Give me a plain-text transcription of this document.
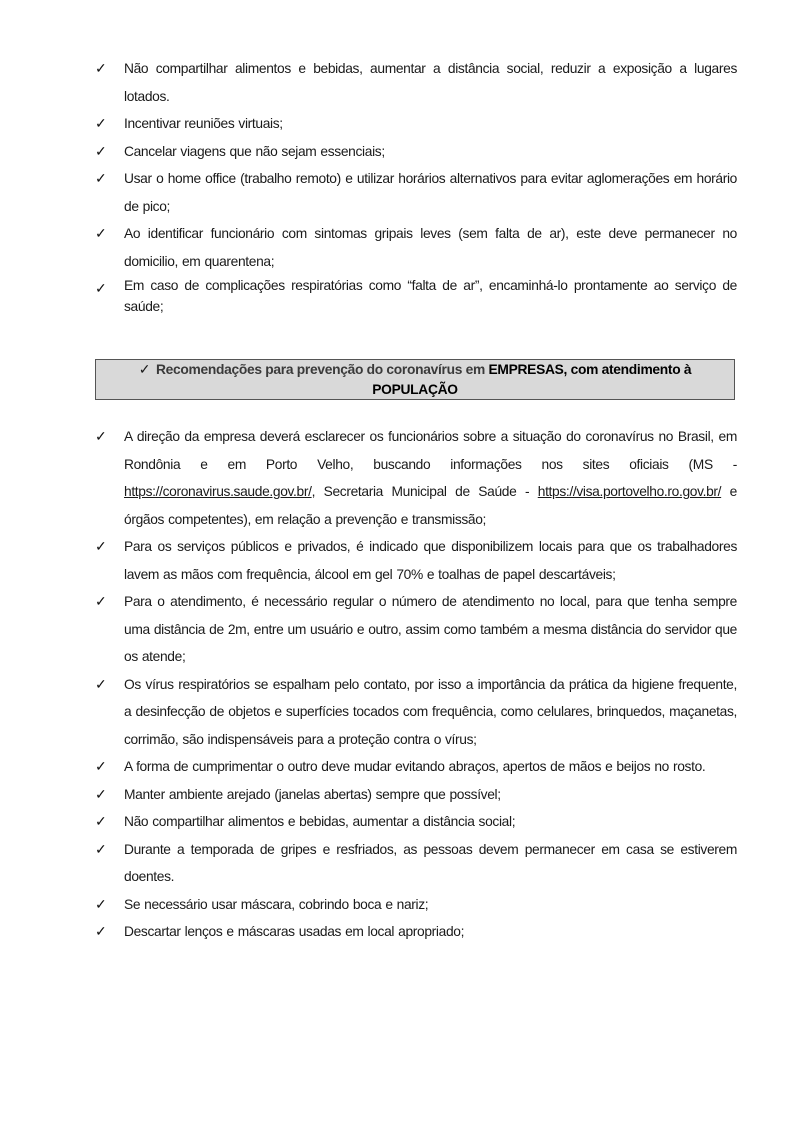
✓ Não compartilhar alimentos e bebidas, aumentar a distância social, reduzir a exposição a lugares lotados.
✓ Incentivar reuniões virtuais;
✓ Cancelar viagens que não sejam essenciais;
✓ Usar o home office (trabalho remoto) e utilizar horários alternativos para evitar aglomerações em horário de pico;
✓ Ao identificar funcionário com sintomas gripais leves (sem falta de ar), este deve permanecer no domicilio, em quarentena;
✓ Em caso de complicações respiratórias como “falta de ar”, encaminhá-lo prontamente ao serviço de saúde;
✓ Recomendações para prevenção do coronavírus em EMPRESAS, com atendimento à
POPULAÇÃO
✓ A direção da empresa deverá esclarecer os funcionários sobre a situação do coronavírus no Brasil, em Rondônia e em Porto Velho, buscando informações nos sites oficiais (MS - https://coronavirus.saude.gov.br/, Secretaria Municipal de Saúde - https://visa.portovelho.ro.gov.br/ e órgãos competentes), em relação a prevenção e transmissão;
✓ Para os serviços públicos e privados, é indicado que disponibilizem locais para que os trabalhadores lavem as mãos com frequência, álcool em gel 70% e toalhas de papel descartáveis;
✓ Para o atendimento, é necessário regular o número de atendimento no local, para que tenha sempre uma distância de 2m, entre um usuário e outro, assim como também a mesma distância do servidor que os atende;
✓ Os vírus respiratórios se espalham pelo contato, por isso a importância da prática da higiene frequente, a desinfecção de objetos e superfícies tocados com frequência, como celulares, brinquedos, maçanetas, corrimão, são indispensáveis para a proteção contra o vírus;
✓ A forma de cumprimentar o outro deve mudar evitando abraços, apertos de mãos e beijos no rosto.
✓ Manter ambiente arejado (janelas abertas) sempre que possível;
✓ Não compartilhar alimentos e bebidas, aumentar a distância social;
✓ Durante a temporada de gripes e resfriados, as pessoas devem permanecer em casa se estiverem doentes.
✓ Se necessário usar máscara, cobrindo boca e nariz;
✓ Descartar lenços e máscaras usadas em local apropriado;
